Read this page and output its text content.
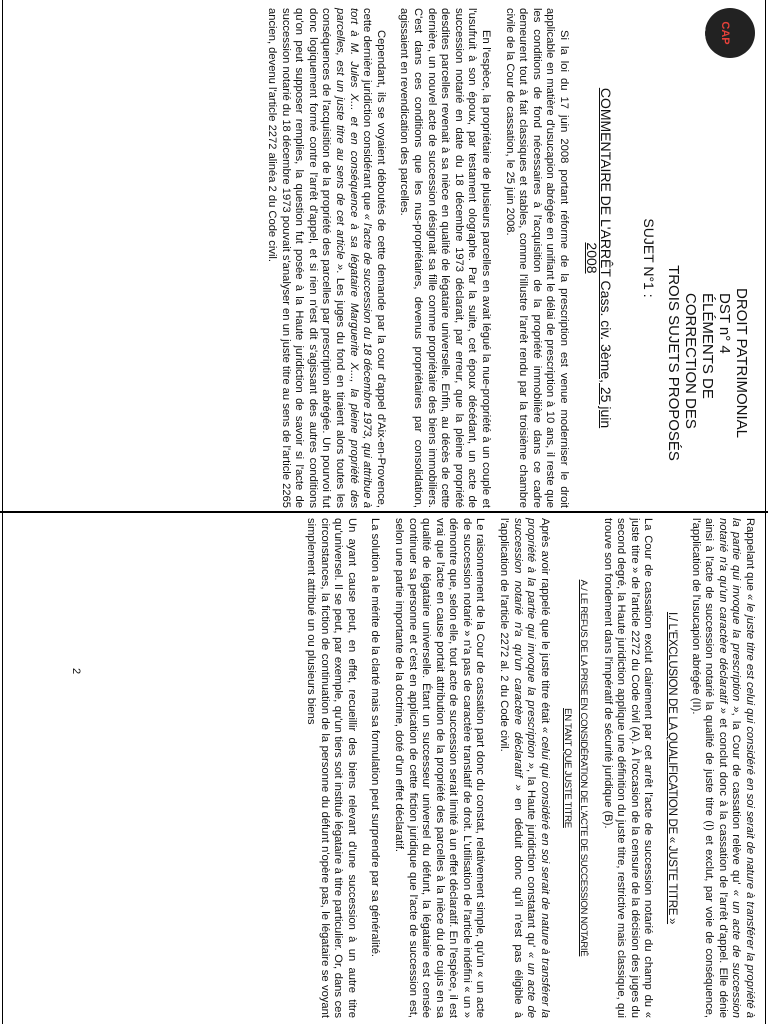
CAP
AVOCAT
DROIT PATRIMONIAL
DST n° 4
ÉLÉMENTS DE CORRECTION DES
TROIS SUJETS PROPOSÉS
SUJET N°1 :
COMMENTAIRE DE L'ARRÊT Cass. civ. 3ème, 25 juin 2008

Si la loi du 17 juin 2008 portant réforme de la prescription est venue moderniser le droit applicable en matière d'usucapion abrégée en unifiant le délai de prescription à 10 ans, il reste que les conditions de fond nécessaires à l'acquisition de la propriété immobilière dans ce cadre demeurent tout à fait classiques et stables, comme l'illustre l'arrêt rendu par la troisième chambre civile de la Cour de cassation, le 25 juin 2008.

En l'espèce, la propriétaire de plusieurs parcelles en avait légué la nue-propriété à un couple et l'usufruit à son époux, par testament olographe. Par la suite, cet époux décédant, un acte de succession notarié en date du 18 décembre 1973 déclarait, par erreur, que la pleine propriété desdites parcelles revenait à sa nièce en qualité de légataire universelle. Enfin, au décès de cette dernière, un nouvel acte de succession désignait sa fille comme propriétaire des biens immobiliers. C'est dans ces conditions que les nus-propriétaires, devenus propriétaires par consolidation, agissaient en revendication des parcelles.

Cependant, ils se voyaient déboutés de cette demande par la cour d'appel d'Aix-en-Provence, cette dernière juridiction considérant que « l'acte de succession du 18 décembre 1973, qui attribue à tort à M. Jules X... et en conséquence à sa légataire Marguerite X..., la pleine propriété des parcelles, est un juste titre au sens de cet article ». Les juges du fond en tiraient alors toutes les conséquences de l'acquisition de la propriété des parcelles par prescription abrégée. Un pourvoi fut donc logiquement formé contre l'arrêt d'appel, et si rien n'est dit s'agissant des autres conditions qu'on peut supposer remplies, la question fut posée à la Haute juridiction de savoir si l'acte de succession notarié du 18 décembre 1973 pouvait s'analyser en un juste titre au sens de l'article 2265 ancien, devenu l'article 2272 alinéa 2 du Code civil.

Rappelant que « le juste titre est celui qui considéré en soi serait de nature à transférer la propriété à la partie qui invoque la prescription », la Cour de cassation relève qu' « un acte de succession notarié n'a qu'un caractère déclaratif » et conclut donc à la cassation de l'arrêt d'appel. Elle dénie ainsi à l'acte de succession notarié la qualité de juste titre (I) et exclut, par voie de conséquence, l'application de l'usucapion abrégée (II).

I./ L'EXCLUSION DE LA QUALIFICATION DE « JUSTE TITRE »

La Cour de cassation exclut clairement par cet arrêt l'acte de succession notarié du champ du « juste titre » de l'article 2272 du Code civil (A). À l'occasion de la censure de la décision des juges du second degré, la Haute juridiction applique une définition du juste titre, restrictive mais classique, qui trouve son fondement dans l'impératif de sécurité juridique (B).

A./ LE REFUS DE LA PRISE EN CONSIDÉRATION DE L'ACTE DE SUCCESSION NOTARIÉ
EN TANT QUE JUSTE TITRE

Après avoir rappelé que le juste titre était « celui qui considéré en soi serait de nature à transférer la propriété à la partie qui invoque la prescription », la Haute juridiction constatant qu' « un acte de succession notarié n'a qu'un caractère déclaratif » en déduit donc qu'il n'est pas éligible à l'application de l'article 2272 al. 2 du Code civil.

Le raisonnement de la Cour de cassation part donc du constat, relativement simple, qu'un « un acte de succession notarié » n'a pas de caractère translatif de droit. L'utilisation de l'article indéfini « un » démontre que, selon elle, tout acte de succession serait limité à un effet déclaratif. En l'espèce, il est vrai que l'acte en cause portait attribution de la propriété des parcelles à la nièce du de cujus en sa qualité de légataire universelle. Étant un successeur universel du défunt, la légataire est censée continuer sa personne et c'est en application de cette fiction juridique que l'acte de succession est, selon une partie importante de la doctrine, doté d'un effet déclaratif.

La solution a le mérite de la clarté mais sa formulation peut surprendre par sa généralité.

Un ayant cause peut, en effet, recueillir des biens relevant d'une succession à un autre titre qu'universel. Il se peut, par exemple, qu'un tiers soit institué légataire à titre particulier. Or, dans ces circonstances, la fiction de continuation de la personne du défunt n'opère pas, le légataire se voyant simplement attribué un ou plusieurs biens

2
